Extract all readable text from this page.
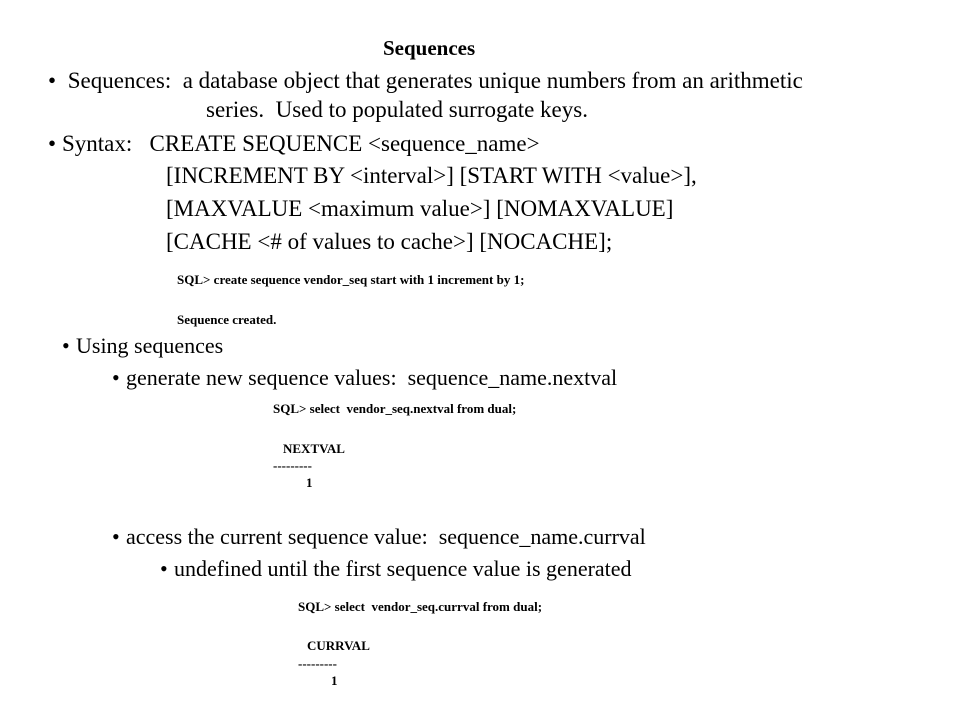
Sequences
• Sequences:  a database object that generates unique numbers from an arithmetic
series.  Used to populated surrogate keys.
• Syntax:   CREATE SEQUENCE <sequence_name>
[INCREMENT BY <interval>] [START WITH <value>],
[MAXVALUE <maximum value>] [NOMAXVALUE]
[CACHE <# of values to cache>] [NOCACHE];
SQL> create sequence vendor_seq start with 1 increment by 1;
Sequence created.
• Using sequences
• generate new sequence values:  sequence_name.nextval
SQL> select  vendor_seq.nextval from dual;
NEXTVAL
---------
1
• access the current sequence value:  sequence_name.currval
• undefined until the first sequence value is generated
SQL> select  vendor_seq.currval from dual;
CURRVAL
---------
1
